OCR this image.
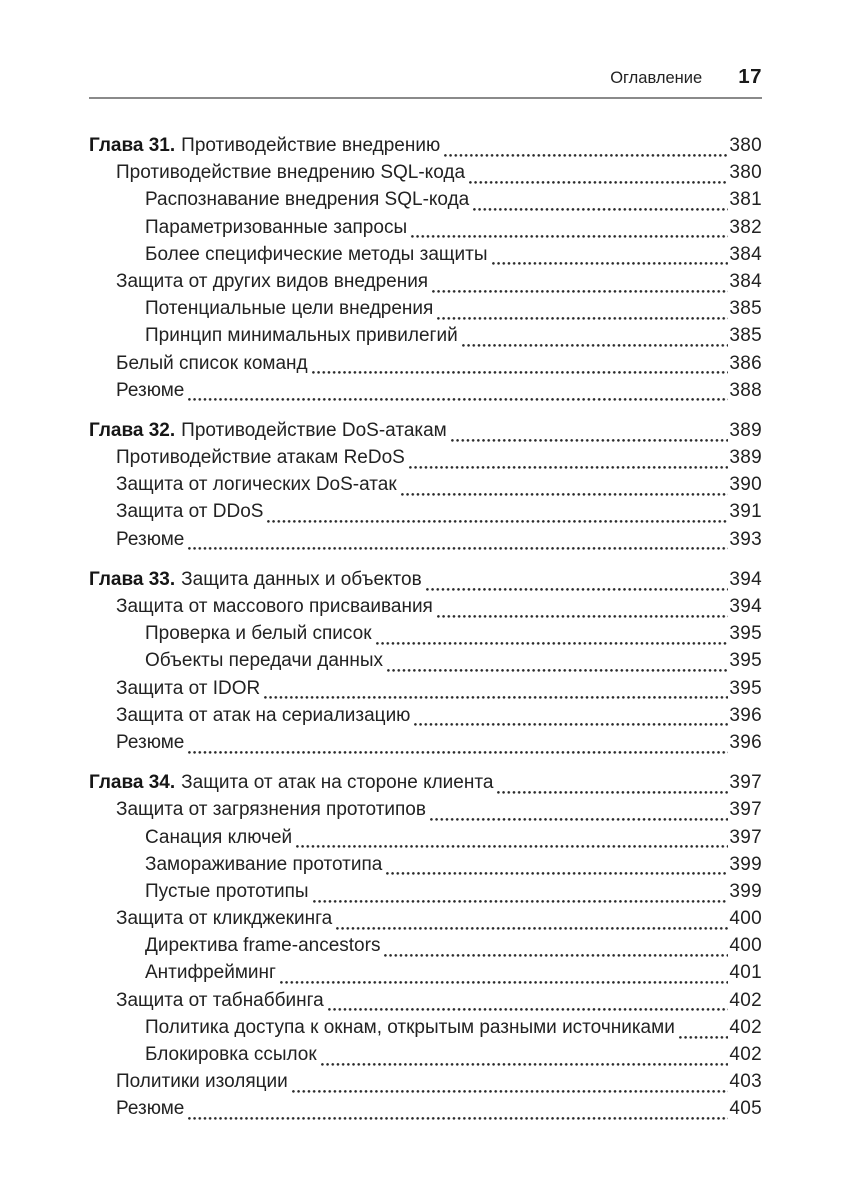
Оглавление 17
Глава 31. Противодействие внедрению	380
Противодействие внедрению SQL-кода	380
Распознавание внедрения SQL-кода	381
Параметризованные запросы	382
Более специфические методы защиты	384
Защита от других видов внедрения	384
Потенциальные цели внедрения	385
Принцип минимальных привилегий	385
Белый список команд	386
Резюме	388
Глава 32. Противодействие DoS-атакам	389
Противодействие атакам ReDoS	389
Защита от логических DoS-атак	390
Защита от DDoS	391
Резюме	393
Глава 33. Защита данных и объектов	394
Защита от массового присваивания	394
Проверка и белый список	395
Объекты передачи данных	395
Защита от IDOR	395
Защита от атак на сериализацию	396
Резюме	396
Глава 34. Защита от атак на стороне клиента	397
Защита от загрязнения прототипов	397
Санация ключей	397
Замораживание прототипа	399
Пустые прототипы	399
Защита от кликджекинга	400
Директива frame-ancestors	400
Антифрейминг	401
Защита от табнаббинга	402
Политика доступа к окнам, открытым разными источниками	402
Блокировка ссылок	402
Политики изоляции	403
Резюме	405
